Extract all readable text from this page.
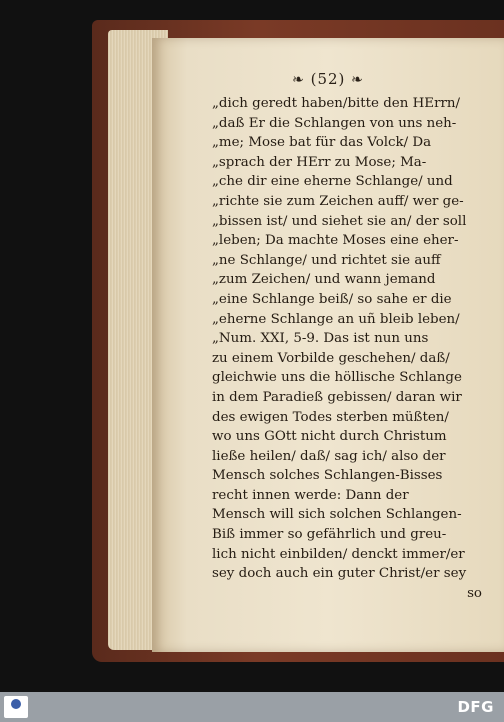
❧ (52) ❧
„dich geredt haben/bitte den HErrn/
„daß Er die Schlangen von uns neh-
„me; Mose bat für das Volck/ Da
„sprach der HErr zu Mose; Ma-
„che dir eine eherne Schlange/ und
„richte sie zum Zeichen auff/ wer ge-
„bissen ist/ und siehet sie an/ der soll
„leben; Da machte Moses eine eher-
„ne Schlange/ und richtet sie auff
„zum Zeichen/ und wann jemand
„eine Schlange beiß/ so sahe er die
„eherne Schlange an uñ bleib leben/
„Num. XXI, 5-9. Das ist nun uns
zu einem Vorbilde geschehen/ daß/
gleichwie uns die höllische Schlange
in dem Paradieß gebissen/ daran wir
des ewigen Todes sterben müßten/
wo uns GOtt nicht durch Christum
ließe heilen/ daß/ sag ich/ also der
Mensch solches Schlangen-Bisses
recht innen werde: Dann der
Mensch will sich solchen Schlangen-
Biß immer so gefährlich und greu-
lich nicht einbilden/ denckt immer/er
sey doch auch ein guter Christ/er sey
so
DFG
